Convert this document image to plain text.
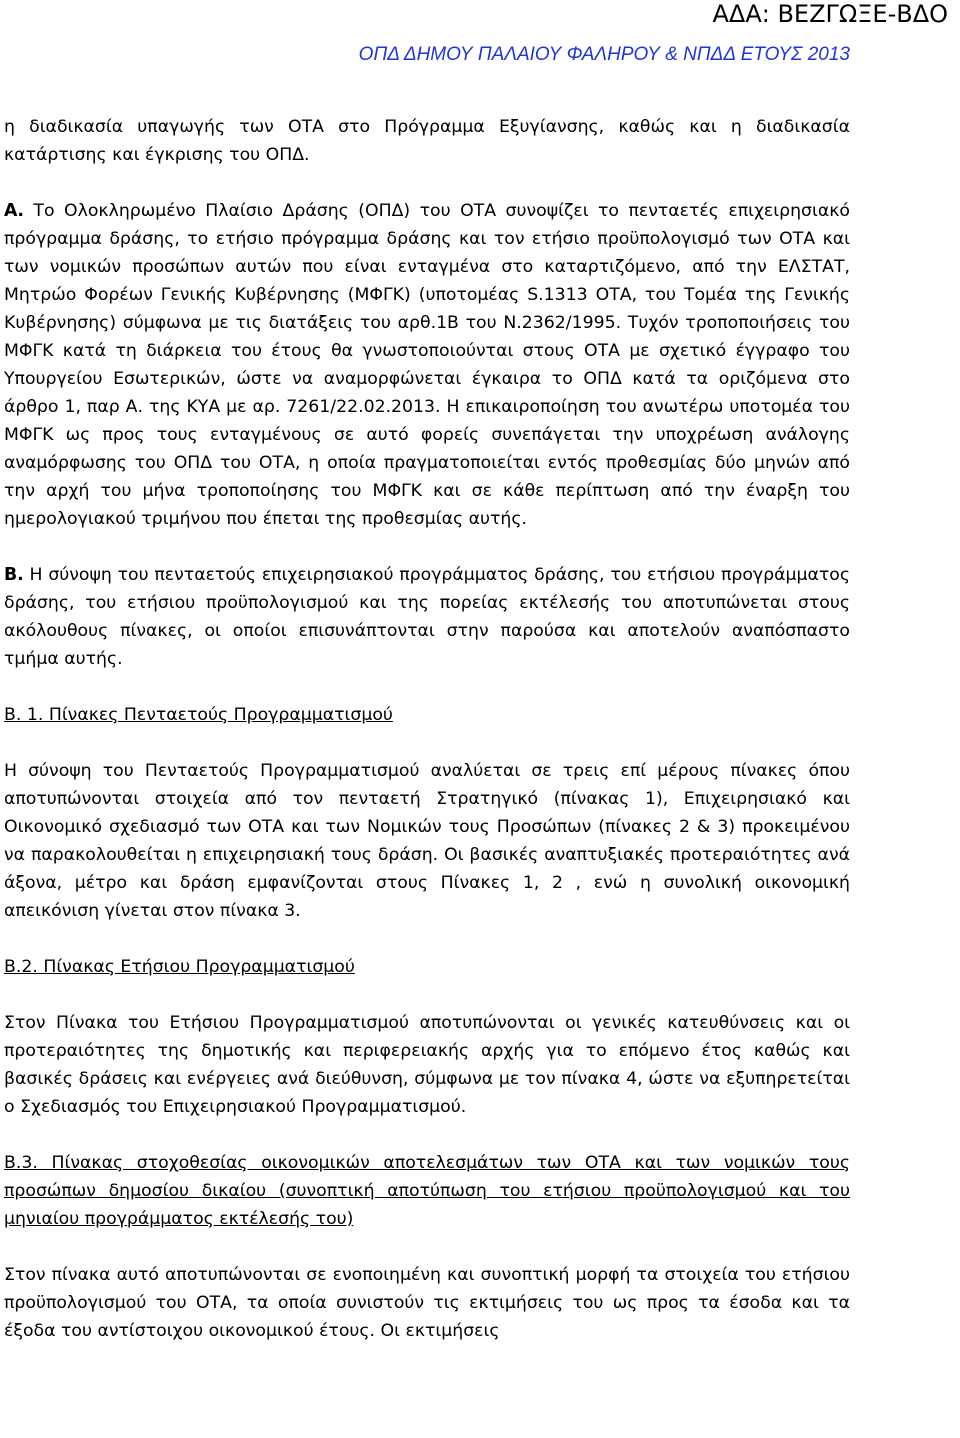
ΑΔΑ: ΒΕΖΓΩΞΕ-ΒΔΟ
ΟΠΔ ΔΗΜΟΥ ΠΑΛΑΙΟΥ ΦΑΛΗΡΟΥ & ΝΠΔΔ ΕΤΟΥΣ 2013

η διαδικασία υπαγωγής των ΟΤΑ στο Πρόγραμμα Εξυγίανσης, καθώς και η διαδικασία κατάρτισης και έγκρισης του ΟΠΔ.

Α. Το Ολοκληρωμένο Πλαίσιο Δράσης (ΟΠΔ) του ΟΤΑ συνοψίζει το πενταετές επιχειρησιακό πρόγραμμα δράσης, το ετήσιο πρόγραμμα δράσης και τον ετήσιο προϋπολογισμό των ΟΤΑ και των νομικών προσώπων αυτών που είναι ενταγμένα στο καταρτιζόμενο, από την ΕΛΣΤΑΤ, Μητρώο Φορέων Γενικής Κυβέρνησης (ΜΦΓΚ) (υποτομέας S.1313 ΟΤΑ, του Τομέα της Γενικής Κυβέρνησης) σύμφωνα με τις διατάξεις του αρθ.1Β του Ν.2362/1995. Τυχόν τροποποιήσεις του ΜΦΓΚ κατά τη διάρκεια του έτους θα γνωστοποιούνται στους ΟΤΑ με σχετικό έγγραφο του Υπουργείου Εσωτερικών, ώστε να αναμορφώνεται έγκαιρα το ΟΠΔ κατά τα οριζόμενα στο άρθρο 1, παρ Α. της ΚΥΑ με αρ. 7261/22.02.2013. Η επικαιροποίηση του ανωτέρω υποτομέα του ΜΦΓΚ ως προς τους ενταγμένους σε αυτό φορείς συνεπάγεται την υποχρέωση ανάλογης αναμόρφωσης του ΟΠΔ του ΟΤΑ, η οποία πραγματοποιείται εντός προθεσμίας δύο μηνών από την αρχή του μήνα τροποποίησης του ΜΦΓΚ και σε κάθε περίπτωση από την έναρξη του ημερολογιακού τριμήνου που έπεται της προθεσμίας αυτής.

Β. Η σύνοψη του πενταετούς επιχειρησιακού προγράμματος δράσης, του ετήσιου προγράμματος δράσης, του ετήσιου προϋπολογισμού και της πορείας εκτέλεσής του αποτυπώνεται στους ακόλουθους πίνακες, οι οποίοι επισυνάπτονται στην παρούσα και αποτελούν αναπόσπαστο τμήμα αυτής.

Β. 1. Πίνακες Πενταετούς Προγραμματισμού

Η σύνοψη του Πενταετούς Προγραμματισμού αναλύεται σε τρεις επί μέρους πίνακες όπου αποτυπώνονται στοιχεία από τον πενταετή Στρατηγικό (πίνακας 1), Επιχειρησιακό και Οικονομικό σχεδιασμό των ΟΤΑ και των Νομικών τους Προσώπων (πίνακες 2 & 3) προκειμένου να παρακολουθείται η επιχειρησιακή τους δράση. Οι βασικές αναπτυξιακές προτεραιότητες ανά άξονα, μέτρο και δράση εμφανίζονται στους Πίνακες 1, 2 , ενώ η συνολική οικονομική απεικόνιση γίνεται στον πίνακα 3.

Β.2. Πίνακας Ετήσιου Προγραμματισμού

Στον Πίνακα του Ετήσιου Προγραμματισμού αποτυπώνονται οι γενικές κατευθύνσεις και οι προτεραιότητες της δημοτικής και περιφερειακής αρχής για το επόμενο έτος καθώς και βασικές δράσεις και ενέργειες ανά διεύθυνση, σύμφωνα με τον πίνακα 4, ώστε να εξυπηρετείται ο Σχεδιασμός του Επιχειρησιακού Προγραμματισμού.

Β.3. Πίνακας στοχοθεσίας οικονομικών αποτελεσμάτων των ΟΤΑ και των νομικών τους προσώπων δημοσίου δικαίου (συνοπτική αποτύπωση του ετήσιου προϋπολογισμού και του μηνιαίου προγράμματος εκτέλεσής του)

Στον πίνακα αυτό αποτυπώνονται σε ενοποιημένη και συνοπτική μορφή τα στοιχεία του ετήσιου προϋπολογισμού του ΟΤΑ, τα οποία συνιστούν τις εκτιμήσεις του ως προς τα έσοδα και τα έξοδα του αντίστοιχου οικονομικού έτους. Οι εκτιμήσεις
